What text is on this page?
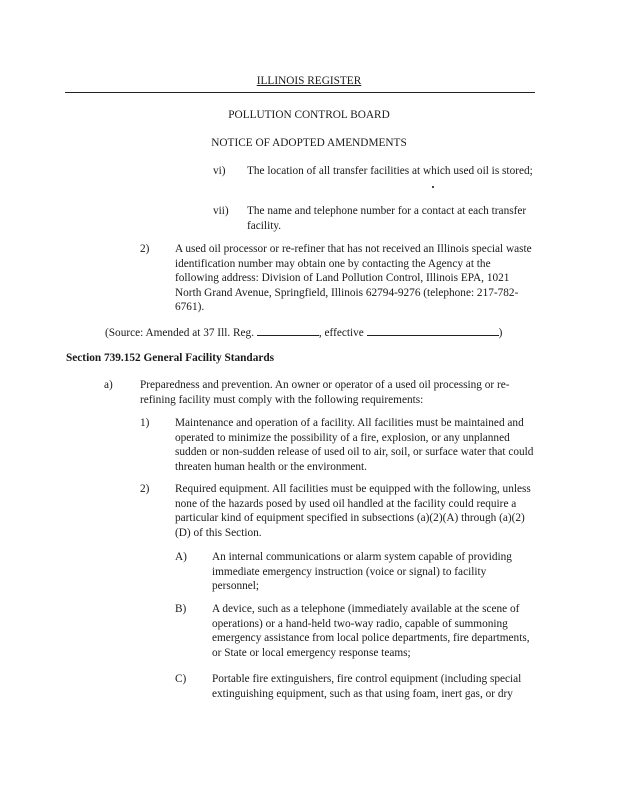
ILLINOIS REGISTER
POLLUTION CONTROL BOARD
NOTICE OF ADOPTED AMENDMENTS
vi) The location of all transfer facilities at which used oil is stored;
vii) The name and telephone number for a contact at each transfer facility.
2) A used oil processor or re-refiner that has not received an Illinois special waste identification number may obtain one by contacting the Agency at the following address: Division of Land Pollution Control, Illinois EPA, 1021 North Grand Avenue, Springfield, Illinois 62794-9276 (telephone: 217-782-6761).
(Source: Amended at 37 Ill. Reg.	, effective	)
Section 739.152 General Facility Standards
a) Preparedness and prevention. An owner or operator of a used oil processing or re-refining facility must comply with the following requirements:
1) Maintenance and operation of a facility. All facilities must be maintained and operated to minimize the possibility of a fire, explosion, or any unplanned sudden or non-sudden release of used oil to air, soil, or surface water that could threaten human health or the environment.
2) Required equipment. All facilities must be equipped with the following, unless none of the hazards posed by used oil handled at the facility could require a particular kind of equipment specified in subsections (a)(2)(A) through (a)(2)(D) of this Section.
A) An internal communications or alarm system capable of providing immediate emergency instruction (voice or signal) to facility personnel;
B) A device, such as a telephone (immediately available at the scene of operations) or a hand-held two-way radio, capable of summoning emergency assistance from local police departments, fire departments, or State or local emergency response teams;
C) Portable fire extinguishers, fire control equipment (including special extinguishing equipment, such as that using foam, inert gas, or dry
